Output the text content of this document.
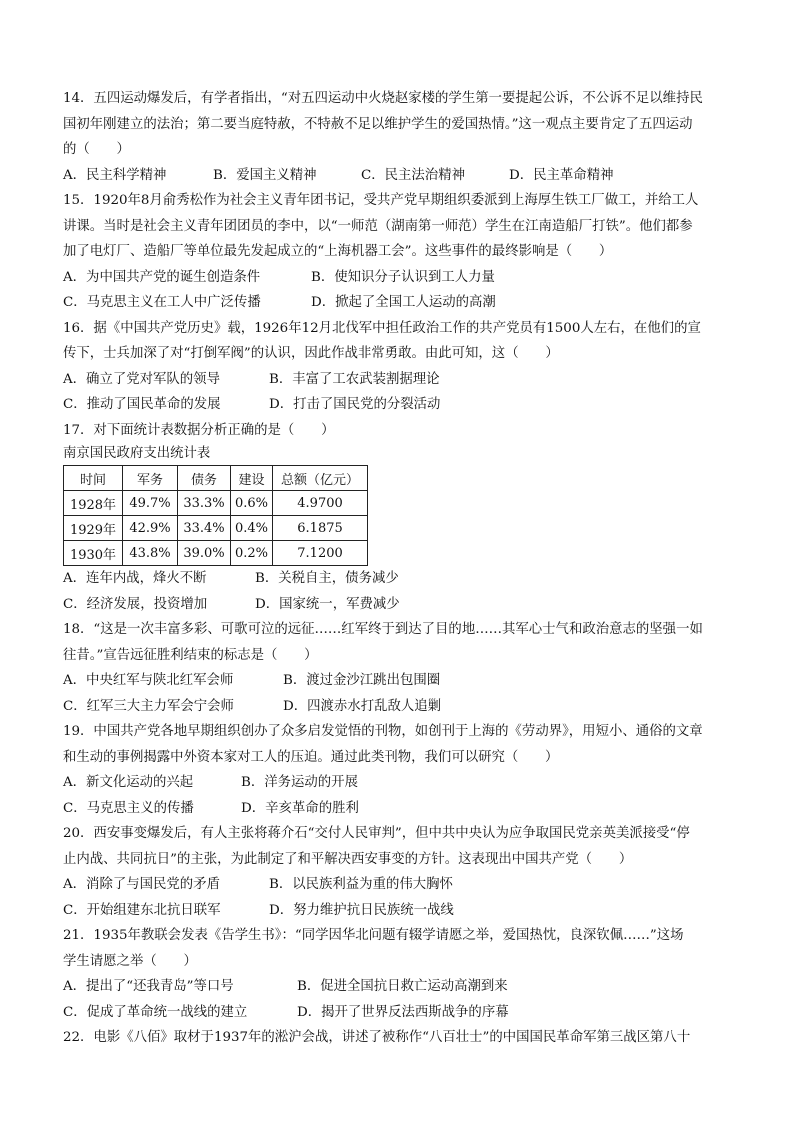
14．五四运动爆发后，有学者指出，“对五四运动中火烧赵家楼的学生第一要提起公诉，不公诉不足以维持民
国初年刚建立的法治；第二要当庭特赦，不特赦不足以维护学生的爱国热情。”这一观点主要肯定了五四运动
的（　　）
A．民主科学精神	B．爱国主义精神	C．民主法治精神	D．民主革命精神
15．1920年8月俞秀松作为社会主义青年团书记，受共产党早期组织委派到上海厚生铁工厂做工，并给工人
讲课。当时是社会主义青年团团员的李中，以“一师范（湖南第一师范）学生在江南造船厂打铁”。他们都参
加了电灯厂、造船厂等单位最先发起成立的“上海机器工会”。这些事件的最终影响是（　　）
A．为中国共产党的诞生创造条件	B．使知识分子认识到工人力量
C．马克思主义在工人中广泛传播	D．掀起了全国工人运动的高潮
16．据《中国共产党历史》载，1926年12月北伐军中担任政治工作的共产党员有1500人左右，在他们的宣
传下，士兵加深了对“打倒军阀”的认识，因此作战非常勇敢。由此可知，这（　　）
A．确立了党对军队的领导	B．丰富了工农武装割据理论
C．推动了国民革命的发展	D．打击了国民党的分裂活动
17．对下面统计表数据分析正确的是（　　）
南京国民政府支出统计表
时间	军务	债务	建设	总额（亿元）
1928年	49.7%	33.3%	0.6%	4.9700
1929年	42.9%	33.4%	0.4%	6.1875
1930年	43.8%	39.0%	0.2%	7.1200
A．连年内战，烽火不断	B．关税自主，债务减少
C．经济发展，投资增加	D．国家统一，军费减少
18．“这是一次丰富多彩、可歌可泣的远征……红军终于到达了目的地……其军心士气和政治意志的坚强一如
往昔。”宣告远征胜利结束的标志是（　　）
A．中央红军与陕北红军会师	B．渡过金沙江跳出包围圈
C．红军三大主力军会宁会师	D．四渡赤水打乱敌人追剿
19．中国共产党各地早期组织创办了众多启发觉悟的刊物，如创刊于上海的《劳动界》，用短小、通俗的文章
和生动的事例揭露中外资本家对工人的压迫。通过此类刊物，我们可以研究（　　）
A．新文化运动的兴起	B．洋务运动的开展
C．马克思主义的传播	D．辛亥革命的胜利
20．西安事变爆发后，有人主张将蒋介石“交付人民审判”，但中共中央认为应争取国民党亲英美派接受“停
止内战、共同抗日”的主张，为此制定了和平解决西安事变的方针。这表现出中国共产党（　　）
A．消除了与国民党的矛盾	B．以民族利益为重的伟大胸怀
C．开始组建东北抗日联军	D．努力维护抗日民族统一战线
21．1935年教联会发表《告学生书》：“同学因华北问题有辍学请愿之举，爱国热忱，良深钦佩……”这场
学生请愿之举（　　）
A．提出了“还我青岛”等口号	B．促进全国抗日救亡运动高潮到来
C．促成了革命统一战线的建立	D．揭开了世界反法西斯战争的序幕
22．电影《八佰》取材于1937年的淞沪会战，讲述了被称作“八百壮士”的中国国民革命军第三战区第八十
